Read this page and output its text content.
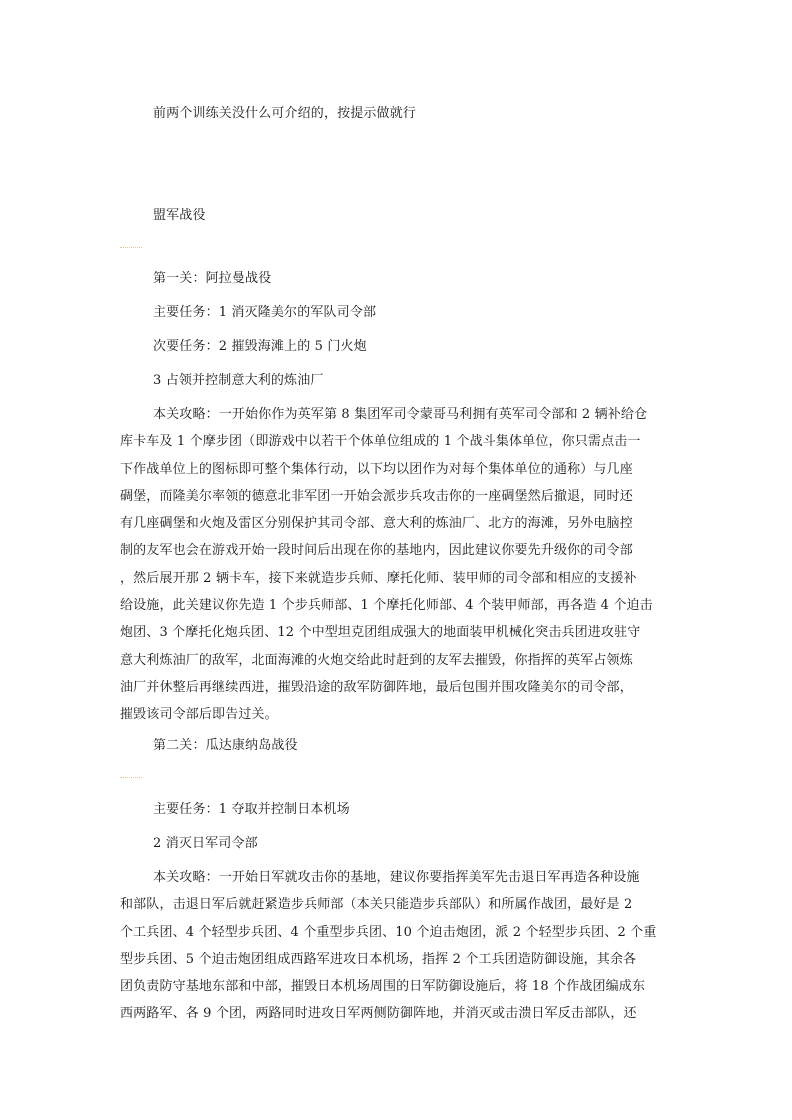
前两个训练关没什么可介绍的，按提示做就行

盟军战役

第一关：阿拉曼战役

主要任务：1 消灭隆美尔的军队司令部

次要任务：2 摧毁海滩上的 5 门火炮

3 占领并控制意大利的炼油厂

本关攻略：一开始你作为英军第 8 集团军司令蒙哥马利拥有英军司令部和 2 辆补给仓
库卡车及 1 个摩步团（即游戏中以若干个体单位组成的 1 个战斗集体单位，你只需点击一
下作战单位上的图标即可整个集体行动，以下均以团作为对每个集体单位的通称）与几座
碉堡，而隆美尔率领的德意北非军团一开始会派步兵攻击你的一座碉堡然后撤退，同时还
有几座碉堡和火炮及雷区分别保护其司令部、意大利的炼油厂、北方的海滩，另外电脑控
制的友军也会在游戏开始一段时间后出现在你的基地内，因此建议你要先升级你的司令部
，然后展开那 2 辆卡车，接下来就造步兵师、摩托化师、装甲师的司令部和相应的支援补
给设施，此关建议你先造 1 个步兵师部、1 个摩托化师部、4 个装甲师部，再各造 4 个迫击
炮团、3 个摩托化炮兵团、12 个中型坦克团组成强大的地面装甲机械化突击兵团进攻驻守
意大利炼油厂的敌军，北面海滩的火炮交给此时赶到的友军去摧毁，你指挥的英军占领炼
油厂并休整后再继续西进，摧毁沿途的敌军防御阵地，最后包围并围攻隆美尔的司令部，
摧毁该司令部后即告过关。

第二关：瓜达康纳岛战役

主要任务：1 夺取并控制日本机场

2 消灭日军司令部

本关攻略：一开始日军就攻击你的基地，建议你要指挥美军先击退日军再造各种设施
和部队，击退日军后就赶紧造步兵师部（本关只能造步兵部队）和所属作战团，最好是 2
个工兵团、4 个轻型步兵团、4 个重型步兵团、10 个迫击炮团，派 2 个轻型步兵团、2 个重
型步兵团、5 个迫击炮团组成西路军进攻日本机场，指挥 2 个工兵团造防御设施，其余各
团负责防守基地东部和中部，摧毁日本机场周围的日军防御设施后，将 18 个作战团编成东
西两路军、各 9 个团，两路同时进攻日军两侧防御阵地，并消灭或击溃日军反击部队，还
